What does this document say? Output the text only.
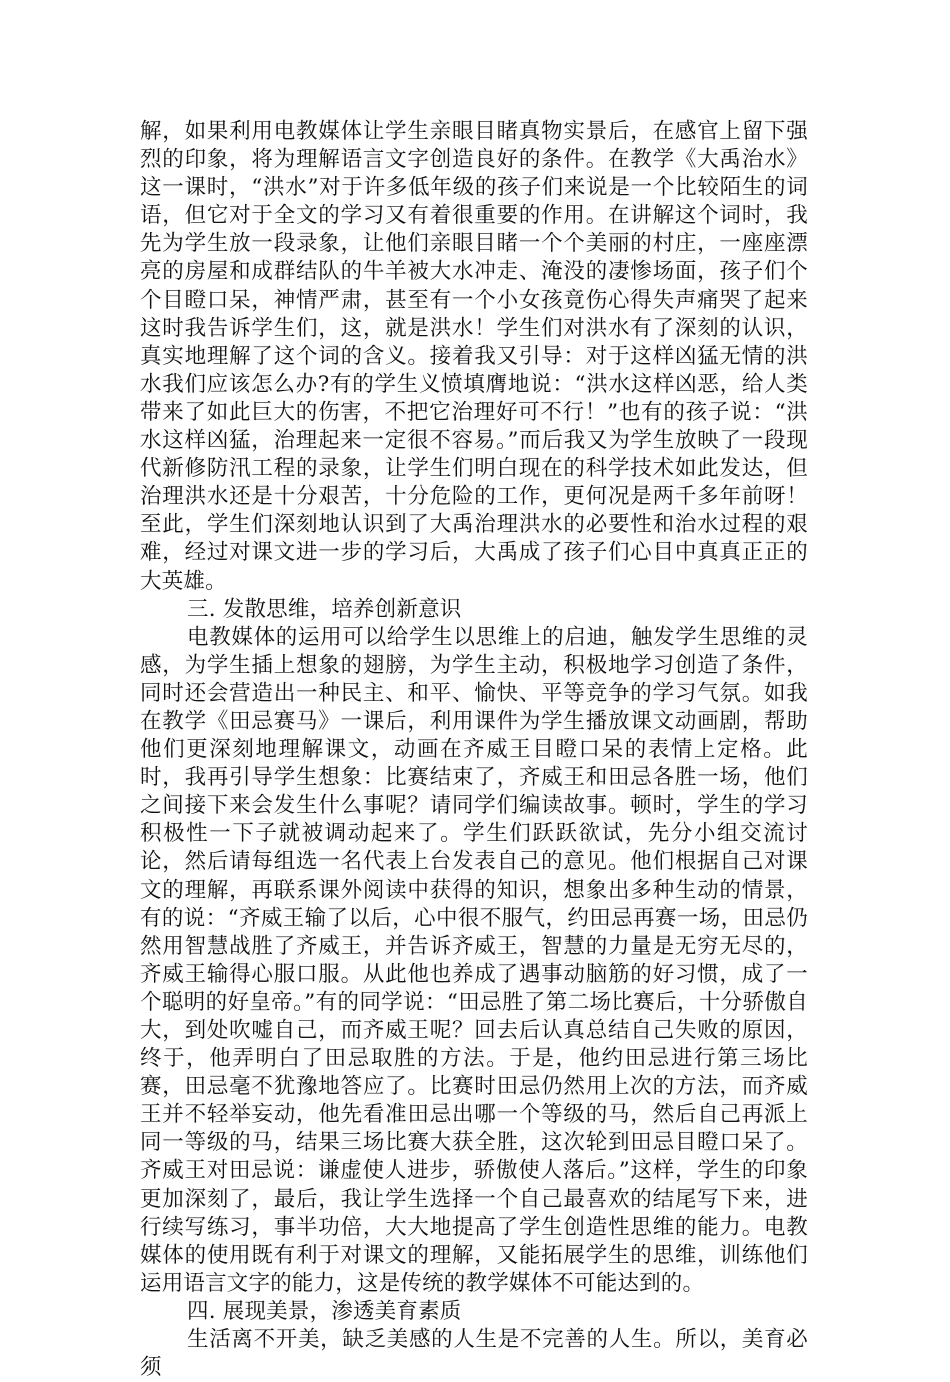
解，如果利用电教媒体让学生亲眼目睹真物实景后，在感官上留下强烈的印象，将为理解语言文字创造良好的条件。在教学《大禹治水》这一课时，“洪水”对于许多低年级的孩子们来说是一个比较陌生的词语，但它对于全文的学习又有着很重要的作用。在讲解这个词时，我先为学生放一段录象，让他们亲眼目睹一个个美丽的村庄，一座座漂亮的房屋和成群结队的牛羊被大水冲走、淹没的凄惨场面，孩子们个个目瞪口呆，神情严肃，甚至有一个小女孩竟伤心得失声痛哭了起来这时我告诉学生们，这，就是洪水！学生们对洪水有了深刻的认识，真实地理解了这个词的含义。接着我又引导：对于这样凶猛无情的洪水我们应该怎么办?有的学生义愤填膺地说：“洪水这样凶恶，给人类带来了如此巨大的伤害，不把它治理好可不行！”也有的孩子说：“洪水这样凶猛，治理起来一定很不容易。”而后我又为学生放映了一段现代新修防汛工程的录象，让学生们明白现在的科学技术如此发达，但治理洪水还是十分艰苦，十分危险的工作，更何况是两千多年前呀！至此，学生们深刻地认识到了大禹治理洪水的必要性和治水过程的艰难，经过对课文进一步的学习后，大禹成了孩子们心目中真真正正的大英雄。

三. 发散思维，培养创新意识

电教媒体的运用可以给学生以思维上的启迪，触发学生思维的灵感，为学生插上想象的翅膀，为学生主动，积极地学习创造了条件，同时还会营造出一种民主、和平、愉快、平等竞争的学习气氛。如我在教学《田忌赛马》一课后，利用课件为学生播放课文动画剧，帮助他们更深刻地理解课文，动画在齐威王目瞪口呆的表情上定格。此时，我再引导学生想象：比赛结束了，齐威王和田忌各胜一场，他们之间接下来会发生什么事呢？请同学们编读故事。顿时，学生的学习积极性一下子就被调动起来了。学生们跃跃欲试，先分小组交流讨论，然后请每组选一名代表上台发表自己的意见。他们根据自己对课文的理解，再联系课外阅读中获得的知识，想象出多种生动的情景，有的说：“齐威王输了以后，心中很不服气，约田忌再赛一场，田忌仍然用智慧战胜了齐威王，并告诉齐威王，智慧的力量是无穷无尽的，齐威王输得心服口服。从此他也养成了遇事动脑筋的好习惯，成了一个聪明的好皇帝。”有的同学说：“田忌胜了第二场比赛后，十分骄傲自大，到处吹嘘自己，而齐威王呢？回去后认真总结自己失败的原因，终于，他弄明白了田忌取胜的方法。于是，他约田忌进行第三场比赛，田忌毫不犹豫地答应了。比赛时田忌仍然用上次的方法，而齐威王并不轻举妄动，他先看准田忌出哪一个等级的马，然后自己再派上同一等级的马，结果三场比赛大获全胜，这次轮到田忌目瞪口呆了。齐威王对田忌说：谦虚使人进步，骄傲使人落后。”这样，学生的印象更加深刻了，最后，我让学生选择一个自己最喜欢的结尾写下来，进行续写练习，事半功倍，大大地提高了学生创造性思维的能力。电教媒体的使用既有利于对课文的理解，又能拓展学生的思维，训练他们运用语言文字的能力，这是传统的教学媒体不可能达到的。

四. 展现美景，渗透美育素质

生活离不开美，缺乏美感的人生是不完善的人生。所以，美育必须
